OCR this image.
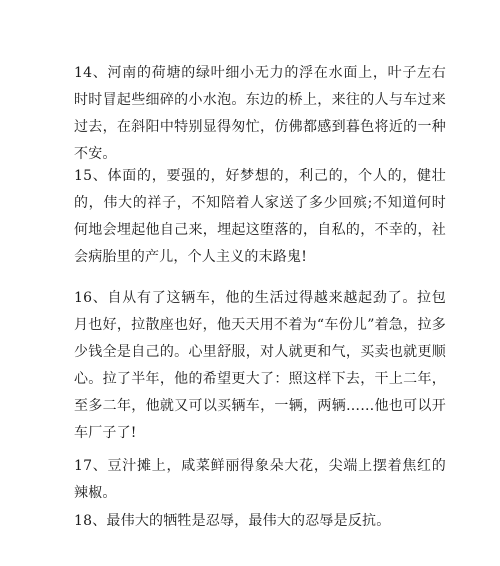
14、河南的荷塘的绿叶细小无力的浮在水面上，叶子左右时时冒起些细碎的小水泡。东边的桥上，来往的人与车过来过去，在斜阳中特别显得匆忙，仿佛都感到暮色将近的一种不安。

15、体面的，要强的，好梦想的，利己的，个人的，健壮的，伟大的祥子，不知陪着人家送了多少回殡;不知道何时何地会埋起他自己来，埋起这堕落的，自私的，不幸的，社会病胎里的产儿，个人主义的末路鬼!

16、自从有了这辆车，他的生活过得越来越起劲了。拉包月也好，拉散座也好，他天天用不着为“车份儿”着急，拉多少钱全是自己的。心里舒服，对人就更和气，买卖也就更顺心。拉了半年，他的希望更大了：照这样下去，干上二年，至多二年，他就又可以买辆车，一辆，两辆……他也可以开车厂子了!

17、豆汁摊上，咸菜鲜丽得象朵大花，尖端上摆着焦红的辣椒。

18、最伟大的牺牲是忍辱，最伟大的忍辱是反抗。
